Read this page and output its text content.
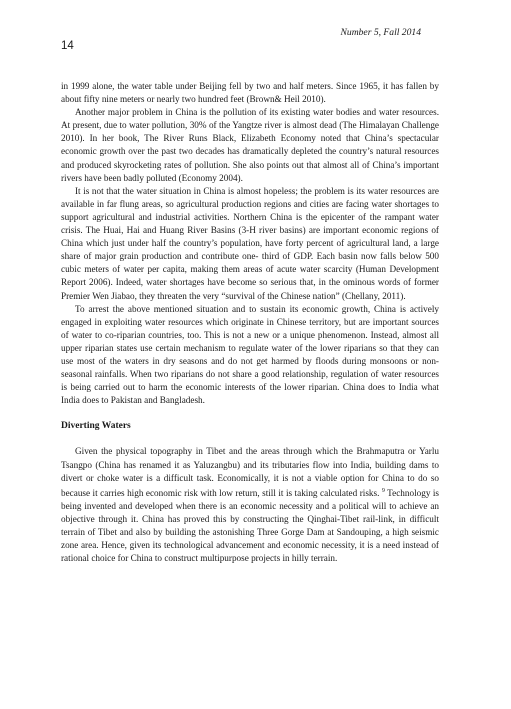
Number 5, Fall 2014
14

in 1999 alone, the water table under Beijing fell by two and half meters. Since 1965, it has fallen by about fifty nine meters or nearly two hundred feet (Brown& Heil 2010).

Another major problem in China is the pollution of its existing water bodies and water resources. At present, due to water pollution, 30% of the Yangtze river is almost dead (The Himalayan Challenge 2010). In her book, The River Runs Black, Elizabeth Economy noted that China’s spectacular economic growth over the past two decades has dramatically depleted the country’s natural resources and produced skyrocketing rates of pollution. She also points out that almost all of China’s important rivers have been badly polluted (Economy 2004).

It is not that the water situation in China is almost hopeless; the problem is its water resources are available in far flung areas, so agricultural production regions and cities are facing water shortages to support agricultural and industrial activities. Northern China is the epicenter of the rampant water crisis. The Huai, Hai and Huang River Basins (3-H river basins) are important economic regions of China which just under half the country’s population, have forty percent of agricultural land, a large share of major grain production and contribute one- third of GDP. Each basin now falls below 500 cubic meters of water per capita, making them areas of acute water scarcity (Human Development Report 2006). Indeed, water shortages have become so serious that, in the ominous words of former Premier Wen Jiabao, they threaten the very “survival of the Chinese nation” (Chellany, 2011).

To arrest the above mentioned situation and to sustain its economic growth, China is actively engaged in exploiting water resources which originate in Chinese territory, but are important sources of water to co-riparian countries, too. This is not a new or a unique phenomenon. Instead, almost all upper riparian states use certain mechanism to regulate water of the lower riparians so that they can use most of the waters in dry seasons and do not get harmed by floods during monsoons or non-seasonal rainfalls. When two riparians do not share a good relationship, regulation of water resources is being carried out to harm the economic interests of the lower riparian. China does to India what India does to Pakistan and Bangladesh.

Diverting Waters

Given the physical topography in Tibet and the areas through which the Brahmaputra or Yarlu Tsangpo (China has renamed it as Yaluzangbu) and its tributaries flow into India, building dams to divert or choke water is a difficult task. Economically, it is not a viable option for China to do so because it carries high economic risk with low return, still it is taking calculated risks. $^9$ Technology is being invented and developed when there is an economic necessity and a political will to achieve an objective through it. China has proved this by constructing the Qinghai-Tibet rail-link, in difficult terrain of Tibet and also by building the astonishing Three Gorge Dam at Sandouping, a high seismic zone area. Hence, given its technological advancement and economic necessity, it is a need instead of rational choice for China to construct multipurpose projects in hilly terrain.
